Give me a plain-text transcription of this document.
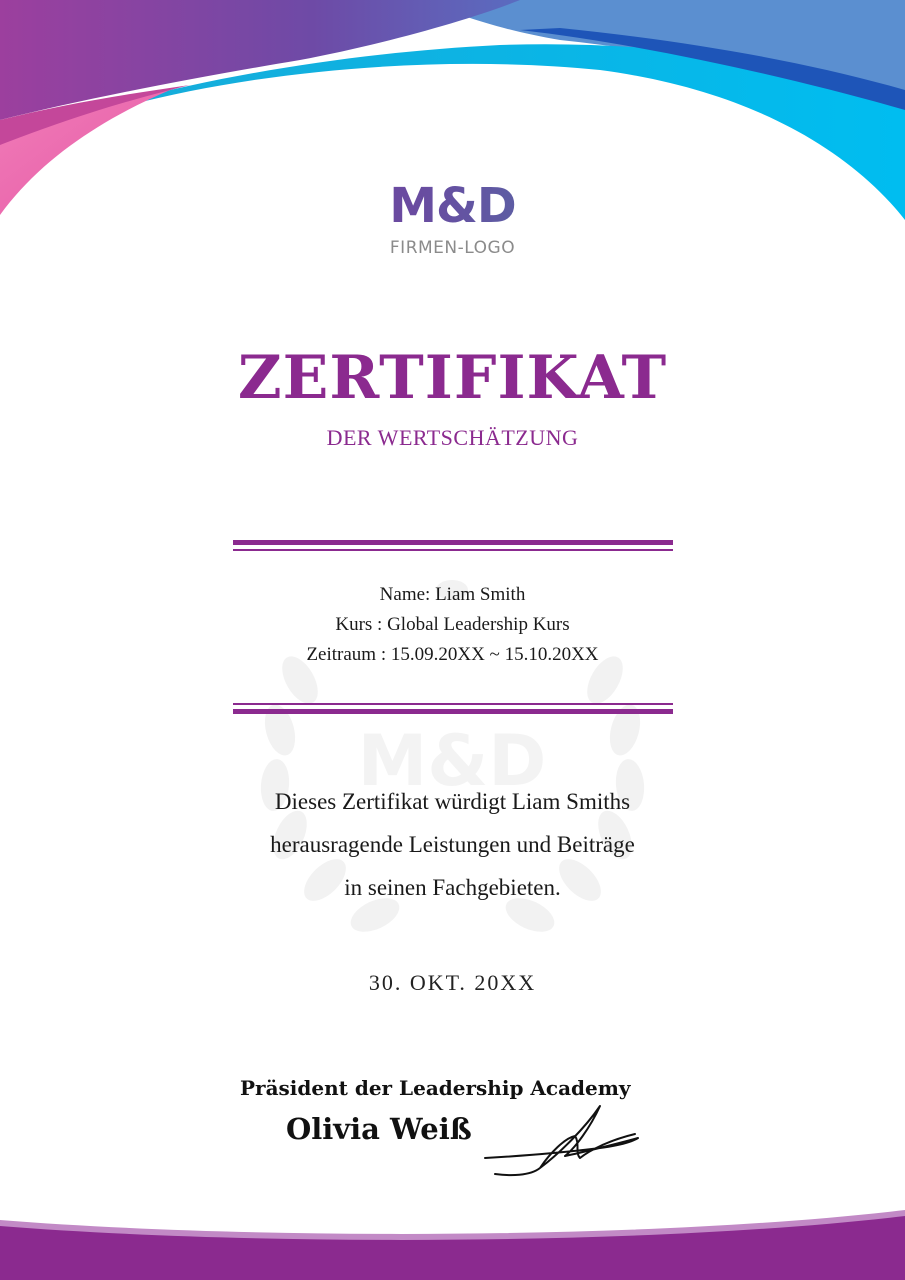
M&D
M&D
FIRMEN-LOGO
ZERTIFIKAT
DER WERTSCHÄTZUNG
Name: Liam Smith
Kurs : Global Leadership Kurs
Zeitraum : 15.09.20XX ~ 15.10.20XX
Dieses Zertifikat würdigt Liam Smiths
herausragende Leistungen und Beiträge
in seinen Fachgebieten.
30. OKT. 20XX
Präsident der Leadership Academy
Olivia Weiß
